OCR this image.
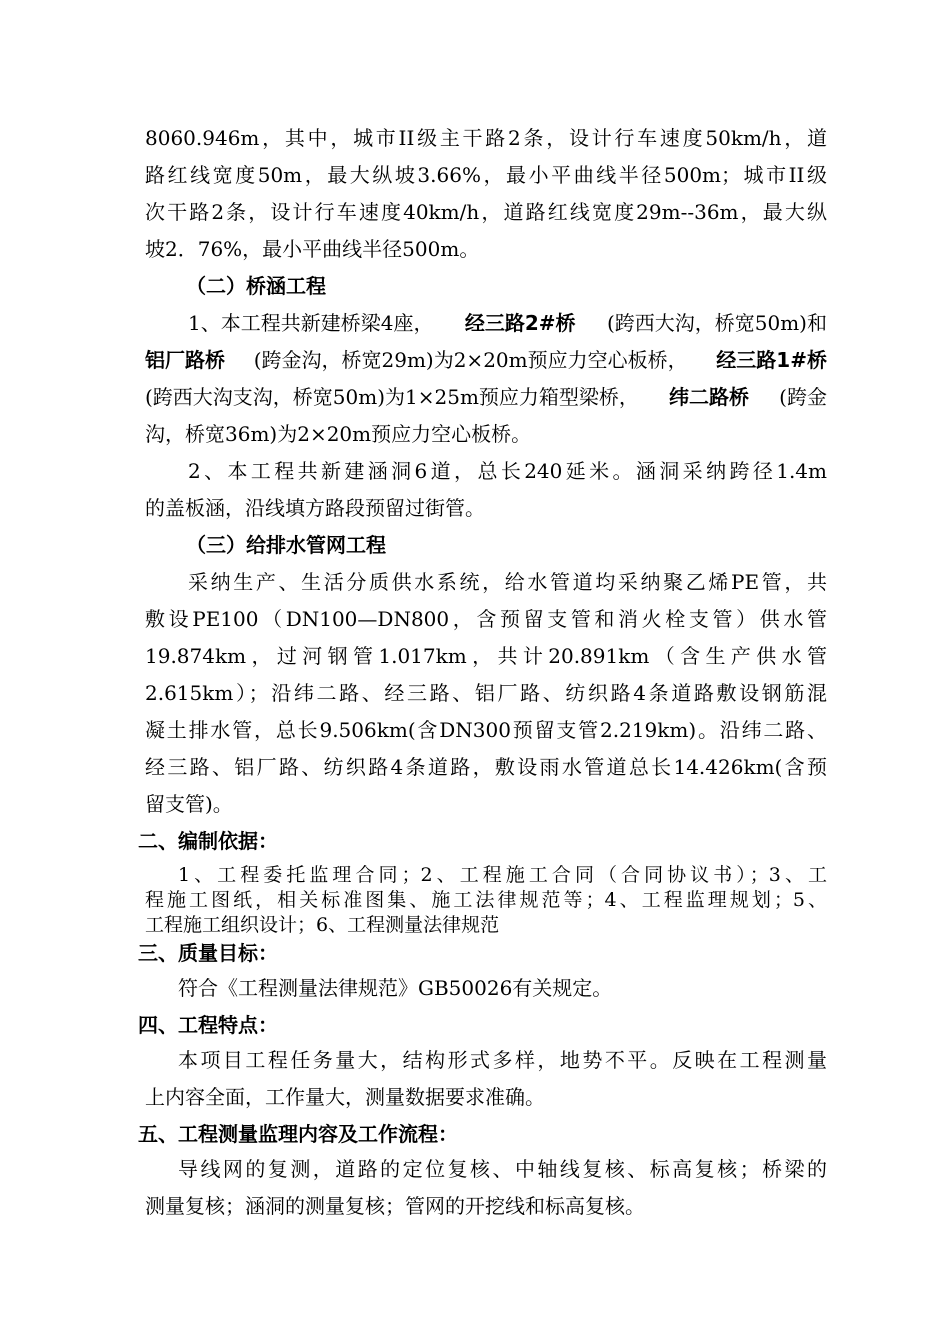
8060.946m，其中，城市II级主干路2条，设计行车速度50km/h，道
路红线宽度50m，最大纵坡3.66%，最小平曲线半径500m；城市II级
次干路2条，设计行车速度40km/h，道路红线宽度29m--36m，最大纵
坡2．76%，最小平曲线半径500m。
（二）桥涵工程
1、本工程共新建桥梁4座， 经三路2#桥 (跨西大沟，桥宽50m)和
铝厂路桥 (跨金沟，桥宽29m)为2×20m预应力空心板桥， 经三路1#桥
(跨西大沟支沟，桥宽50m)为1×25m预应力箱型梁桥， 纬二路桥 (跨金
沟，桥宽36m)为2×20m预应力空心板桥。
2、本工程共新建涵洞6道，总长240延米。涵洞采纳跨径1.4m
的盖板涵，沿线填方路段预留过街管。
（三）给排水管网工程
采纳生产、生活分质供水系统，给水管道均采纳聚乙烯PE管，共
敷设PE100（DN100—DN800，含预留支管和消火栓支管）供水管
19.874km，过河钢管1.017km，共计20.891km（含生产供水管
2.615km）；沿纬二路、经三路、铝厂路、纺织路4条道路敷设钢筋混
凝土排水管，总长9.506km(含DN300预留支管2.219km)。沿纬二路、
经三路、铝厂路、纺织路4条道路，敷设雨水管道总长14.426km(含预
留支管)。
二、编制依据：
1、工程委托监理合同；2、工程施工合同（合同协议书）；3、工
程施工图纸，相关标准图集、施工法律规范等；4、工程监理规划；5、
工程施工组织设计；6、工程测量法律规范
三、质量目标：
符合《工程测量法律规范》GB50026有关规定。
四、工程特点：
本项目工程任务量大，结构形式多样，地势不平。反映在工程测量
上内容全面，工作量大，测量数据要求准确。
五、工程测量监理内容及工作流程：
导线网的复测，道路的定位复核、中轴线复核、标高复核；桥梁的
测量复核；涵洞的测量复核；管网的开挖线和标高复核。
